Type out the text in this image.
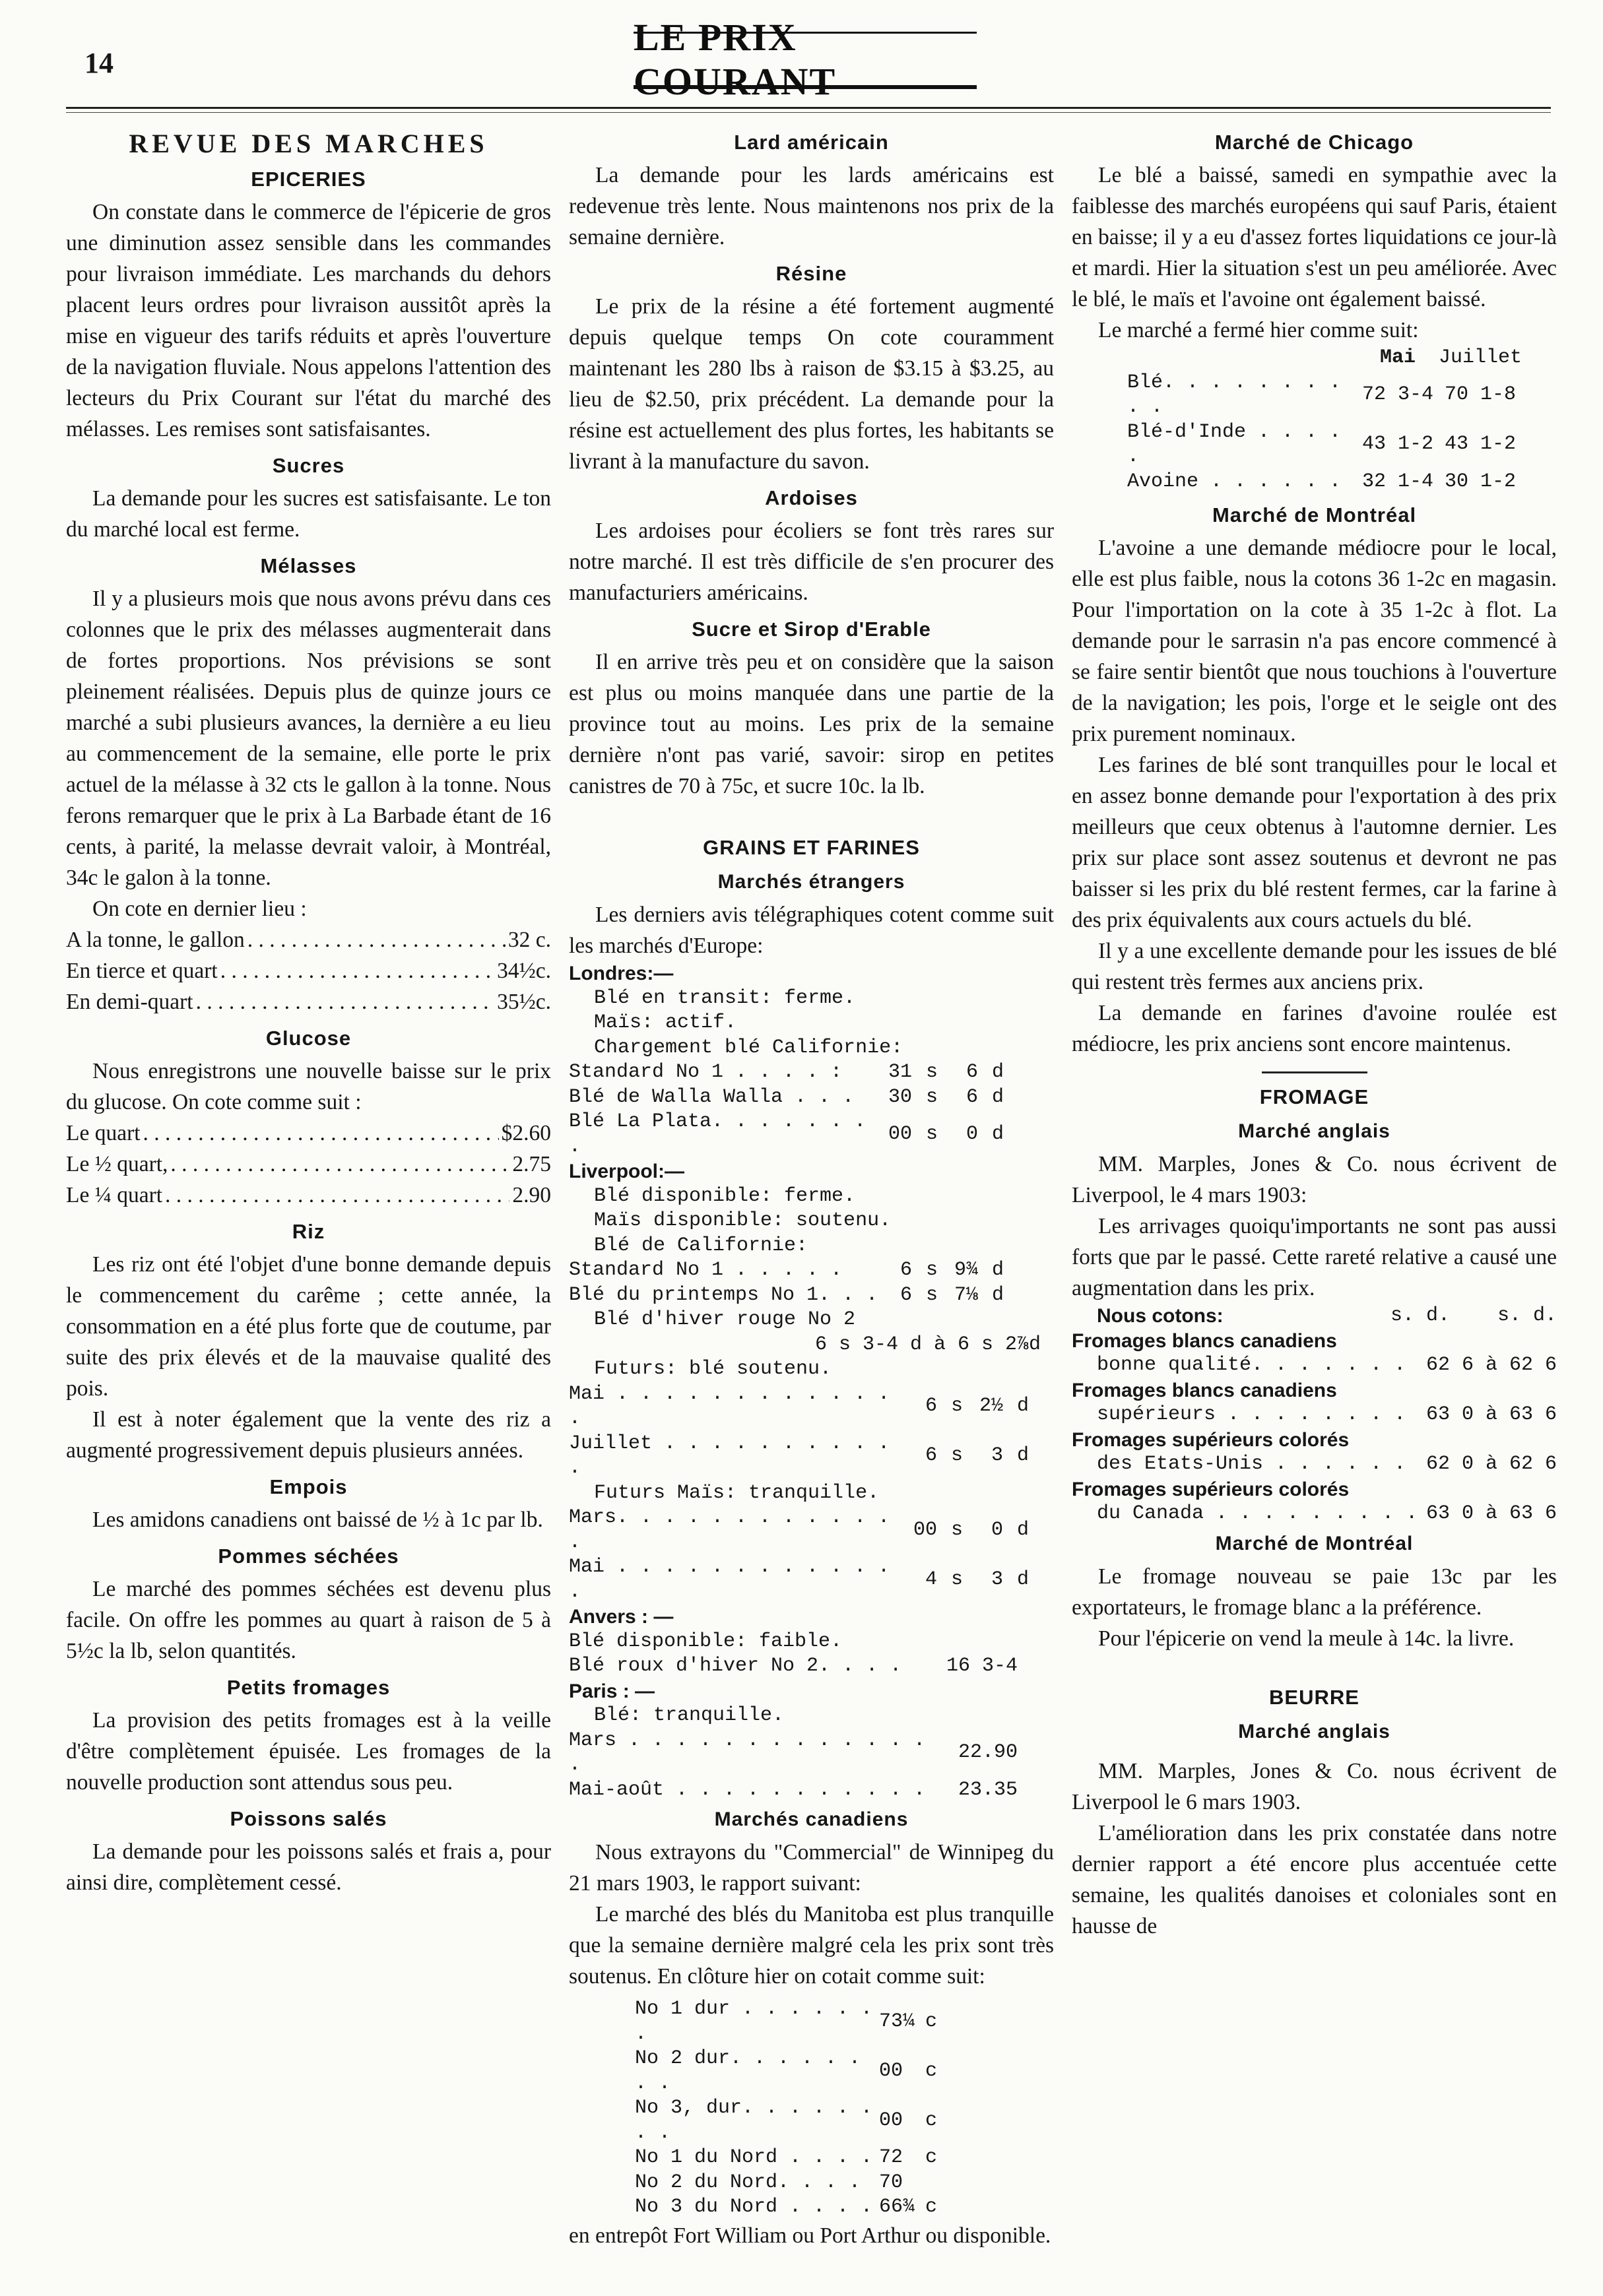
14
LE PRIX COURANT
REVUE DES MARCHES
EPICERIES

On constate dans le commerce de l'épicerie de gros une diminution assez sensible dans les commandes pour livraison immédiate. Les marchands du dehors placent leurs ordres pour livraison aussitôt après la mise en vigueur des tarifs réduits et après l'ouverture de la navigation fluviale. Nous appelons l'attention des lecteurs du Prix Courant sur l'état du marché des mélasses. Les remises sont satisfaisantes.

Sucres

La demande pour les sucres est satisfaisante. Le ton du marché local est ferme.

Mélasses

Il y a plusieurs mois que nous avons prévu dans ces colonnes que le prix des mélasses augmenterait dans de fortes proportions. Nos prévisions se sont pleinement réalisées. Depuis plus de quinze jours ce marché a subi plusieurs avances, la dernière a eu lieu au commencement de la semaine, elle porte le prix actuel de la mélasse à 32 cts le gallon à la tonne. Nous ferons remarquer que le prix à La Barbade étant de 16 cents, à parité, la melasse devrait valoir, à Montréal, 34c le galon à la tonne.

On cote en dernier lieu :

A la tonne, le gallon . . .	32 c.
En tierce et quart . . .	34½c.
En demi-quart . . .	35½c.
Glucose

Nous enregistrons une nouvelle baisse sur le prix du glucose. On cote comme suit :

Le quart . . .	$2.60
Le ½ quart, . . .	2.75
Le ¼ quart . . .	2.90
Riz

Les riz ont été l'objet d'une bonne demande depuis le commencement du carême ; cette année, la consommation en a été plus forte que de coutume, par suite des prix élevés et de la mauvaise qualité des pois.

Il est à noter également que la vente des riz a augmenté progressivement depuis plusieurs années.

Empois

Les amidons canadiens ont baissé de ½ à 1c par lb.

Pommes séchées

Le marché des pommes séchées est devenu plus facile. On offre les pommes au quart à raison de 5 à 5½c la lb, selon quantités.

Petits fromages

La provision des petits fromages est à la veille d'être complètement épuisée. Les fromages de la nouvelle production sont attendus sous peu.

Poissons salés

La demande pour les poissons salés et frais a, pour ainsi dire, complètement cessé.

Lard américain

La demande pour les lards américains est redevenue très lente. Nous maintenons nos prix de la semaine dernière.

Résine

Le prix de la résine a été fortement augmenté depuis quelque temps On cote couramment maintenant les 280 lbs à raison de $3.15 à $3.25, au lieu de $2.50, prix précédent. La demande pour la résine est actuellement des plus fortes, les habitants se livrant à la manufacture du savon.

Ardoises

Les ardoises pour écoliers se font très rares sur notre marché. Il est très difficile de s'en procurer des manufacturiers américains.

Sucre et Sirop d'Erable

Il en arrive très peu et on considère que la saison est plus ou moins manquée dans une partie de la province tout au moins. Les prix de la semaine dernière n'ont pas varié, savoir: sirop en petites canistres de 70 à 75c, et sucre 10c. la lb.

GRAINS ET FARINES
Marchés étrangers

Les derniers avis télégraphiques cotent comme suit les marchés d'Europe:

Londres:—
Blé en transit: ferme.
Maïs: actif.
Chargement blé Californie:
Standard No 1 . . . . :	31	s	6	d
Blé de Walla Walla . . .	30	s	6	d
Blé La Plata. . . . . . . .	00	s	0	d
Liverpool:—
Blé disponible: ferme.
Maïs disponible: soutenu.
Blé de Californie:
Standard No 1 . . . . .	6	s	9¾	d
Blé du printemps No 1. . .	6	s	7⅛	d
Blé d'hiver rouge No 2
6 s 3-4 d à 6 s 2⅞d
Futurs: blé soutenu.
Mai . . . . . . . . . . . . .	6	s	2½	d
Juillet . . . . . . . . . . .	6	s	3	d
Futurs Maïs: tranquille.
Mars. . . . . . . . . . . . .	00	s	0	d
Mai . . . . . . . . . . . . .	4	s	3	d
Anvers : —
Blé disponible: faible.	
Blé roux d'hiver No 2. . . .	16 3-4
Paris : —
Blé: tranquille.
Mars . . . . . . . . . . . . . .	22.90
Mai-août . . . . . . . . . . .	23.35
Marchés canadiens

Nous extrayons du "Commercial" de Winnipeg du 21 mars 1903, le rapport suivant:

Le marché des blés du Manitoba est plus tranquille que la semaine dernière malgré cela les prix sont très soutenus. En clôture hier on cotait comme suit:

No 1 dur . . . . . . .	73¼	c
No 2 dur. . . . . . . .	00	c
No 3, dur. . . . . . . .	00	c
No 1 du Nord . . . .	72	c
No 2 du Nord. . . .	70	
No 3 du Nord . . . .	66¾	c

en entrepôt Fort William ou Port Arthur ou disponible.

Marché de Chicago

Le blé a baissé, samedi en sympathie avec la faiblesse des marchés européens qui sauf Paris, étaient en baisse; il y a eu d'assez fortes liquidations ce jour-là et mardi. Hier la situation s'est un peu améliorée. Avec le blé, le maïs et l'avoine ont également baissé.

Le marché a fermé hier comme suit:

	Mai	Juillet
Blé. . . . . . . . . .	72 3-4	70 1-8
Blé-d'Inde . . . . .	43 1-2	43 1-2
Avoine . . . . . .	32 1-4	30 1-2
Marché de Montréal

L'avoine a une demande médiocre pour le local, elle est plus faible, nous la cotons 36 1-2c en magasin. Pour l'importation on la cote à 35 1-2c à flot. La demande pour le sarrasin n'a pas encore commencé à se faire sentir bientôt que nous touchions à l'ouverture de la navigation; les pois, l'orge et le seigle ont des prix purement nominaux.

Les farines de blé sont tranquilles pour le local et en assez bonne demande pour l'exportation à des prix meilleurs que ceux obtenus à l'automne dernier. Les prix sur place sont assez soutenus et devront ne pas baisser si les prix du blé restent fermes, car la farine à des prix équivalents aux cours actuels du blé.

Il y a une excellente demande pour les issues de blé qui restent très fermes aux anciens prix.

La demande en farines d'avoine roulée est médiocre, les prix anciens sont encore maintenus.

FROMAGE
Marché anglais

MM. Marples, Jones & Co. nous écrivent de Liverpool, le 4 mars 1903:

Les arrivages quoiqu'importants ne sont pas aussi forts que par le passé. Cette rareté relative a causé une augmentation dans les prix.

Nous cotons:	s. d.    s. d.
Fromages blancs canadiens
bonne qualité. . . . . . . 62 6 à 62 6
Fromages blancs canadiens
supérieurs . . . . . . . . 63 0 à 63 6
Fromages supérieurs colorés
des Etats-Unis . . . . . . 62 0 à 62 6
Fromages supérieurs colorés
du Canada . . . . . . . . . 63 0 à 63 6
Marché de Montréal

Le fromage nouveau se paie 13c par les exportateurs, le fromage blanc a la préférence.

Pour l'épicerie on vend la meule à 14c. la livre.

BEURRE
Marché anglais

MM. Marples, Jones & Co. nous écrivent de Liverpool le 6 mars 1903.

L'amélioration dans les prix constatée dans notre dernier rapport a été encore plus accentuée cette semaine, les qualités danoises et coloniales sont en hausse de
